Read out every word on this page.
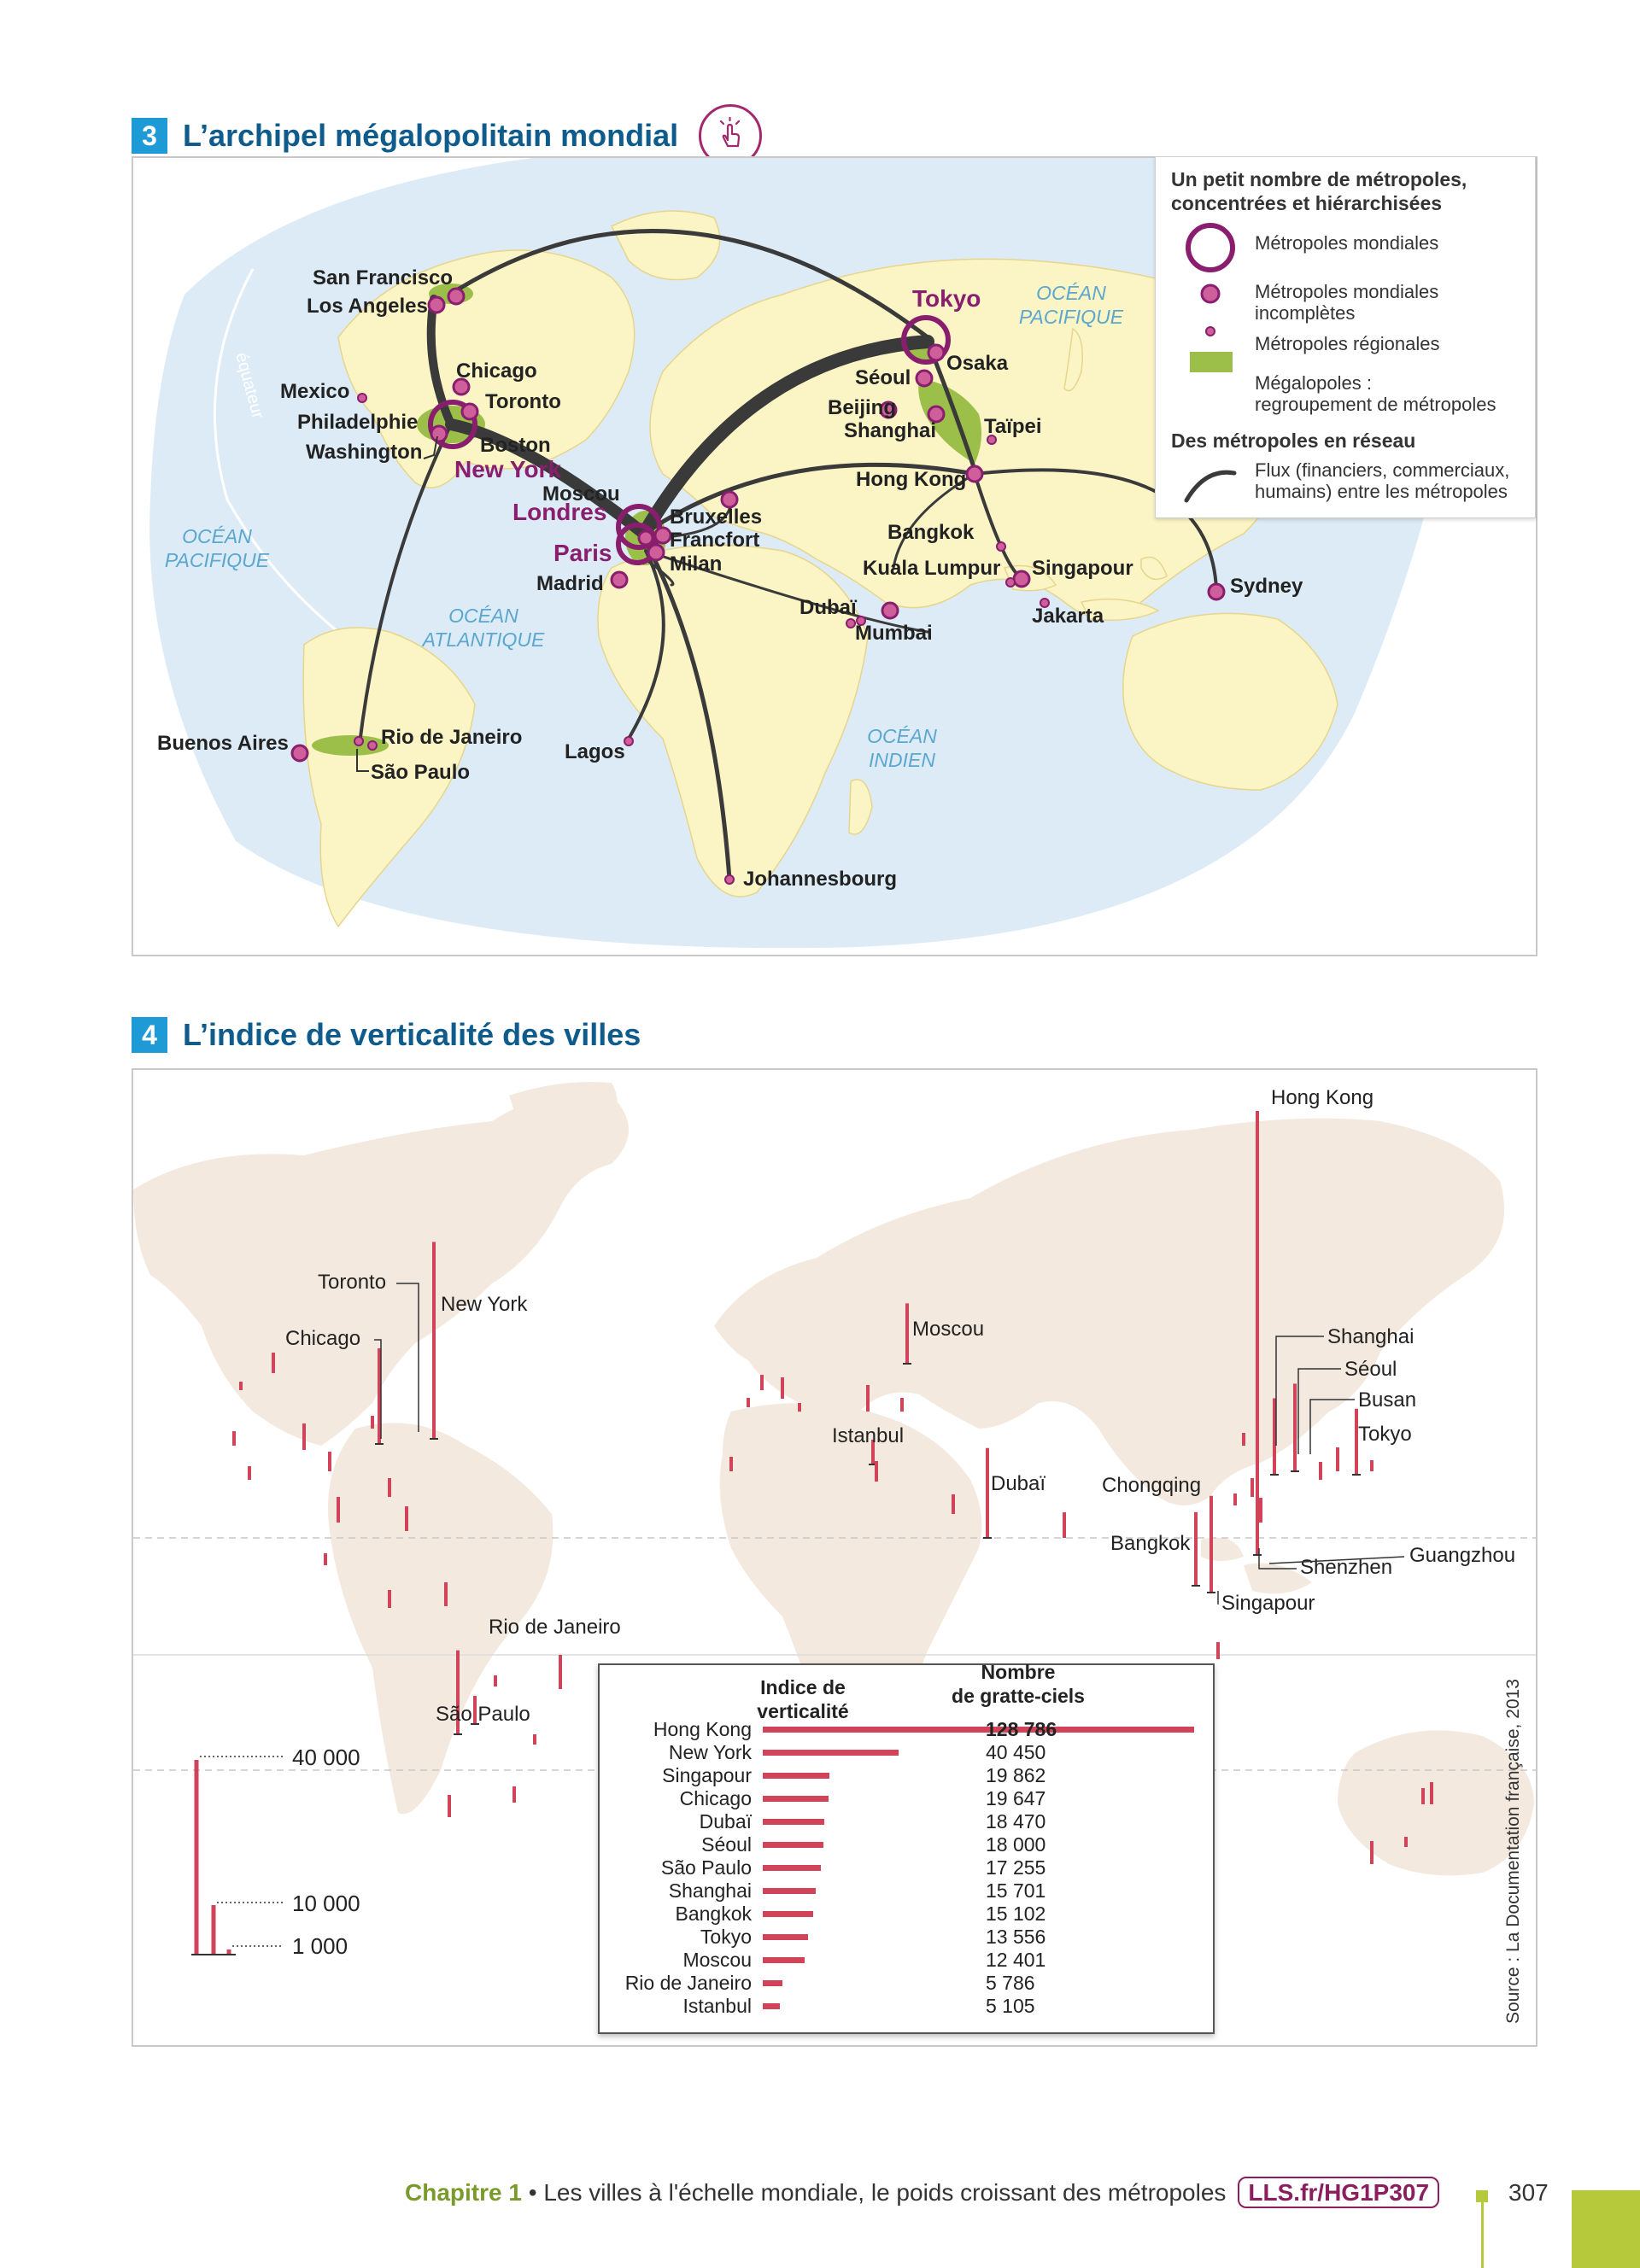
3 L’archipel mégalopolitain mondial
OCÉAN
PACIFIQUE
OCÉAN
ATLANTIQUE
OCÉAN
INDIEN
OCÉAN
PACIFIQUE
équateur
San Francisco
Los Angeles
Chicago
Mexico	Toronto
Philadelphie
Boston
Washington
Moscou
Bruxelles
Francfort
Milan
Madrid
Dubaï
Mumbai
Lagos
Johannesbourg
Buenos Aires	Rio de Janeiro
São Paulo
Osaka
Séoul
Beijing
Shanghai Taïpei
Hong Kong
Bangkok
Kuala Lumpur Singapour
Jakarta
Sydney
New York
Londres
Paris
Tokyo
Un petit nombre de métropoles,
concentrées et hiérarchisées
Métropoles mondiales
Métropoles mondiales
incomplètes
Métropoles régionales
Mégalopoles :
regroupement de métropoles
Des métropoles en réseau
Flux (financiers, commerciaux,
humains) entre les métropoles
4 L’indice de verticalité des villes
40 000
10 000
1 000
Hong Kong
Toronto
New York
Chicago	Moscou
Istanbul
Dubaï	Chongqing
Bangkok
Shenzhen
Guangzhou
Singapour
Shanghai
Séoul
Busan
Tokyo
Rio de Janeiro
São Paulo
Indice de
verticalité
Nombre
de gratte-ciels
Hong Kong	128 786
New York	40 450
Singapour	19 862
Chicago	19 647
Dubaï	18 470
Séoul	18 000
São Paulo	17 255
Shanghai	15 701
Bangkok	15 102
Tokyo	13 556
Moscou	12 401
Rio de Janeiro	5 786
Istanbul	5 105	Source : La Documentation française, 2013
Chapitre 1 • Les villes à l'échelle mondiale, le poids croissant des métropoles LLS.fr/HG1P307	307
